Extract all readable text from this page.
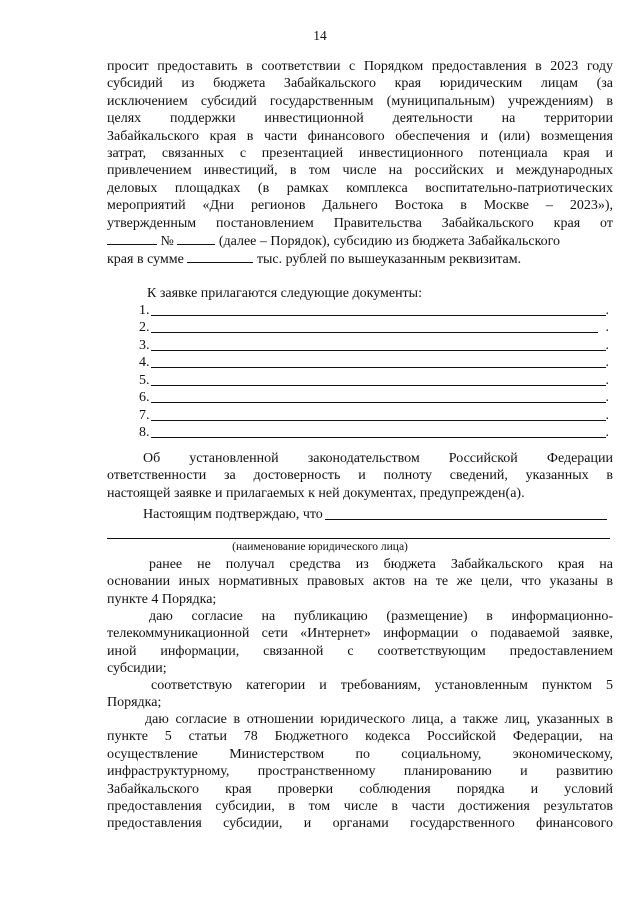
14
просит предоставить в соответствии с Порядком предоставления в 2023 году
субсидий из бюджета Забайкальского края юридическим лицам (за
исключением субсидий государственным (муниципальным) учреждениям) в
целях поддержки инвестиционной деятельности на территории
Забайкальского края в части финансового обеспечения и (или) возмещения
затрат, связанных с презентацией инвестиционного потенциала края и
привлечением инвестиций, в том числе на российских и международных
деловых площадках (в рамках комплекса воспитательно-патриотических
мероприятий «Дни регионов Дальнего Востока в Москве – 2023»),
утвержденным постановлением Правительства Забайкальского края от
№	(далее – Порядок), субсидию из бюджета Забайкальского
края в сумме	тыс. рублей по вышеуказанным реквизитам.
К заявке прилагаются следующие документы:
1.	.
2.	.
3.	.
4.	.
5.	.
6.	.
7.	.
8.	.
Об установленной законодательством Российской Федерации
ответственности за достоверность и полноту сведений, указанных в
настоящей заявке и прилагаемых к ней документах, предупрежден(а).
Настоящим подтверждаю, что
(наименование юридического лица)
ранее не получал средства из бюджета Забайкальского края на
основании иных нормативных правовых актов на те же цели, что указаны в
пункте 4 Порядка;
даю согласие на публикацию (размещение) в информационно-
телекоммуникационной сети «Интернет» информации о подаваемой заявке,
иной информации, связанной с соответствующим предоставлением
субсидии;
соответствую категории и требованиям, установленным пунктом 5
Порядка;
даю согласие в отношении юридического лица, а также лиц, указанных в
пункте 5 статьи 78 Бюджетного кодекса Российской Федерации, на
осуществление Министерством по социальному, экономическому,
инфраструктурному, пространственному планированию и развитию
Забайкальского края проверки соблюдения порядка и условий
предоставления субсидии, в том числе в части достижения результатов
предоставления субсидии, и органами государственного финансового
